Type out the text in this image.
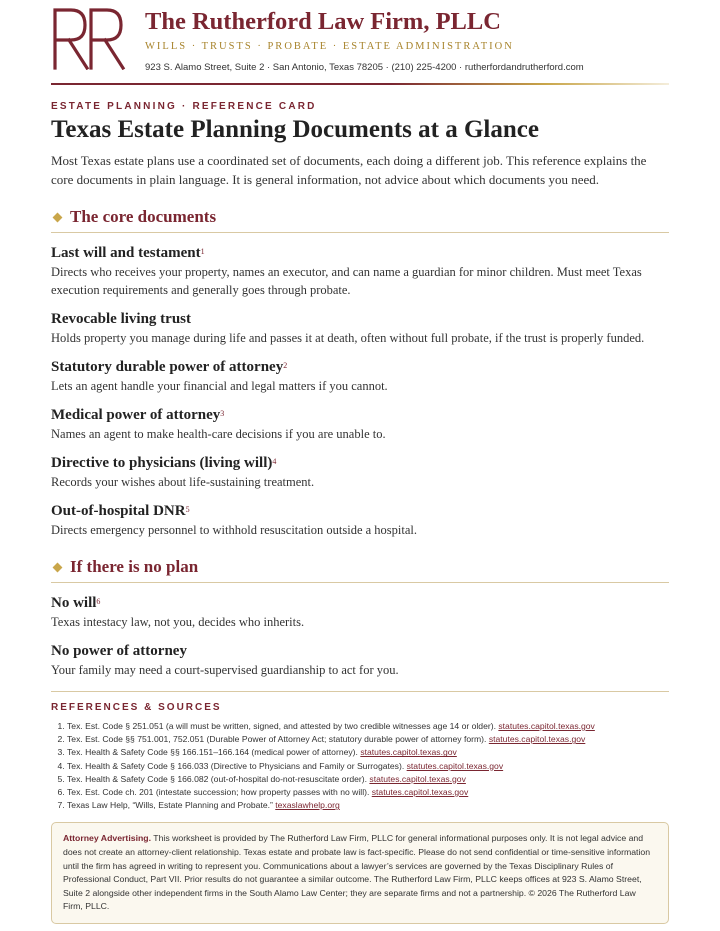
The Rutherford Law Firm, PLLC
WILLS · TRUSTS · PROBATE · ESTATE ADMINISTRATION
923 S. Alamo Street, Suite 2 · San Antonio, Texas 78205 · (210) 225-4200 · rutherfordandrutherford.com
ESTATE PLANNING · REFERENCE CARD
Texas Estate Planning Documents at a Glance
Most Texas estate plans use a coordinated set of documents, each doing a different job. This reference explains the core documents in plain language. It is general information, not advice about which documents you need.
The core documents
Last will and testament$^1$
Directs who receives your property, names an executor, and can name a guardian for minor children. Must meet Texas execution requirements and generally goes through probate.
Revocable living trust
Holds property you manage during life and passes it at death, often without full probate, if the trust is properly funded.
Statutory durable power of attorney$^2$
Lets an agent handle your financial and legal matters if you cannot.
Medical power of attorney$^3$
Names an agent to make health-care decisions if you are unable to.
Directive to physicians (living will)$^4$
Records your wishes about life-sustaining treatment.
Out-of-hospital DNR$^5$
Directs emergency personnel to withhold resuscitation outside a hospital.
If there is no plan
No will$^6$
Texas intestacy law, not you, decides who inherits.
No power of attorney
Your family may need a court-supervised guardianship to act for you.
REFERENCES & SOURCES
1. Tex. Est. Code § 251.051 (a will must be written, signed, and attested by two credible witnesses age 14 or older). statutes.capitol.texas.gov
2. Tex. Est. Code §§ 751.001, 752.051 (Durable Power of Attorney Act; statutory durable power of attorney form). statutes.capitol.texas.gov
3. Tex. Health & Safety Code §§ 166.151–166.164 (medical power of attorney). statutes.capitol.texas.gov
4. Tex. Health & Safety Code § 166.033 (Directive to Physicians and Family or Surrogates). statutes.capitol.texas.gov
5. Tex. Health & Safety Code § 166.082 (out-of-hospital do-not-resuscitate order). statutes.capitol.texas.gov
6. Tex. Est. Code ch. 201 (intestate succession; how property passes with no will). statutes.capitol.texas.gov
7. Texas Law Help, “Wills, Estate Planning and Probate.” texaslawhelp.org
Attorney Advertising. This worksheet is provided by The Rutherford Law Firm, PLLC for general informational purposes only. It is not legal advice and does not create an attorney-client relationship. Texas estate and probate law is fact-specific. Please do not send confidential or time-sensitive information until the firm has agreed in writing to represent you. Communications about a lawyer’s services are governed by the Texas Disciplinary Rules of Professional Conduct, Part VII. Prior results do not guarantee a similar outcome. The Rutherford Law Firm, PLLC keeps offices at 923 S. Alamo Street, Suite 2 alongside other independent firms in the South Alamo Law Center; they are separate firms and not a partnership. © 2026 The Rutherford Law Firm, PLLC.
